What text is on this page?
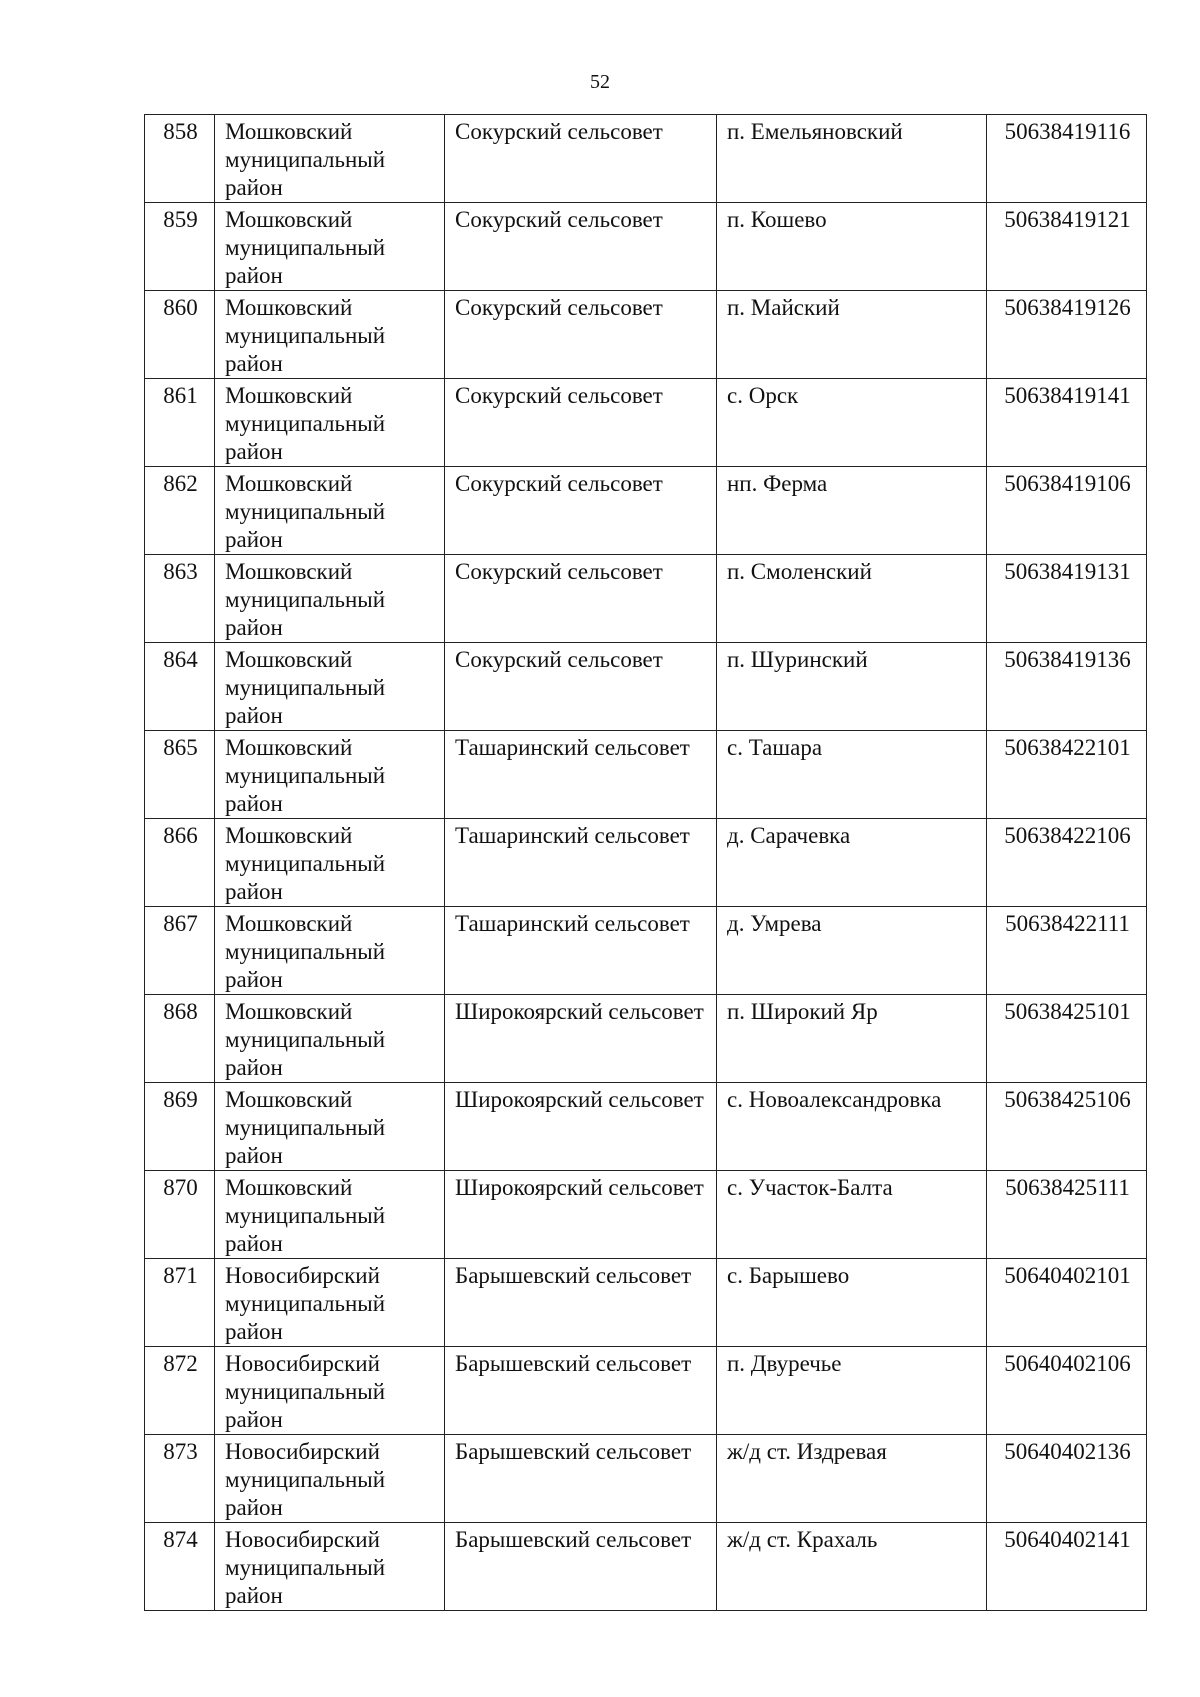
52
858	Мошковский муниципальный район	Сокурский сельсовет	п. Емельяновский	50638419116
859	Мошковский муниципальный район	Сокурский сельсовет	п. Кошево	50638419121
860	Мошковский муниципальный район	Сокурский сельсовет	п. Майский	50638419126
861	Мошковский муниципальный район	Сокурский сельсовет	с. Орск	50638419141
862	Мошковский муниципальный район	Сокурский сельсовет	нп. Ферма	50638419106
863	Мошковский муниципальный район	Сокурский сельсовет	п. Смоленский	50638419131
864	Мошковский муниципальный район	Сокурский сельсовет	п. Шуринский	50638419136
865	Мошковский муниципальный район	Ташаринский сельсовет	с. Ташара	50638422101
866	Мошковский муниципальный район	Ташаринский сельсовет	д. Сарачевка	50638422106
867	Мошковский муниципальный район	Ташаринский сельсовет	д. Умрева	50638422111
868	Мошковский муниципальный район	Широкоярский сельсовет	п. Широкий Яр	50638425101
869	Мошковский муниципальный район	Широкоярский сельсовет	с. Новоалександровка	50638425106
870	Мошковский муниципальный район	Широкоярский сельсовет	с. Участок-Балта	50638425111
871	Новосибирский муниципальный район	Барышевский сельсовет	с. Барышево	50640402101
872	Новосибирский муниципальный район	Барышевский сельсовет	п. Двуречье	50640402106
873	Новосибирский муниципальный район	Барышевский сельсовет	ж/д ст. Издревая	50640402136
874	Новосибирский муниципальный район	Барышевский сельсовет	ж/д ст. Крахаль	50640402141
